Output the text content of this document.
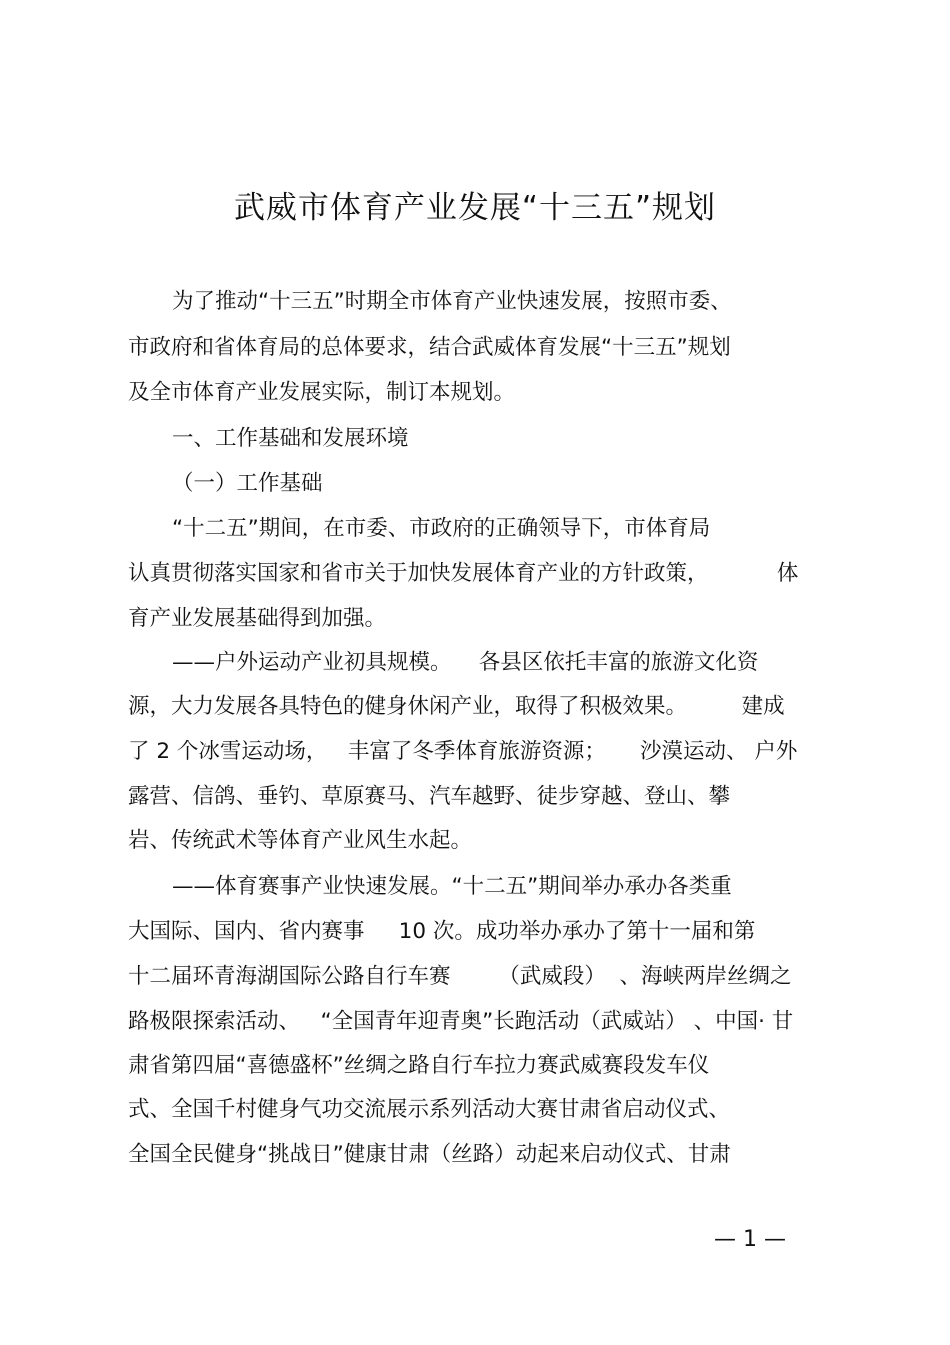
武威市体育产业发展“十三五”规划
为了推动“十三五”时期全市体育产业快速发展，按照市委、
市政府和省体育局的总体要求，结合武威体育发展“十三五”规划
及全市体育产业发展实际，制订本规划。
一、工作基础和发展环境
（一）工作基础
“十二五”期间，在市委、市政府的正确领导下，市体育局
认真贯彻落实国家和省市关于加快发展体育产业的方针政策，          体
育产业发展基础得到加强。
——户外运动产业初具规模。    各县区依托丰富的旅游文化资
源，大力发展各具特色的健身休闲产业，取得了积极效果。        建成
了 2 个冰雪运动场，   丰富了冬季体育旅游资源；     沙漠运动、 户外
露营、信鸽、垂钓、草原赛马、汽车越野、徒步穿越、登山、攀
岩、传统武术等体育产业风生水起。
——体育赛事产业快速发展。“十二五”期间举办承办各类重
大国际、国内、省内赛事     10 次。成功举办承办了第十一届和第
十二届环青海湖国际公路自行车赛       （武威段）  、海峡两岸丝绸之
路极限探索活动、   “全国青年迎青奥”长跑活动（武威站） 、中国· 甘
肃省第四届“喜德盛杯”丝绸之路自行车拉力赛武威赛段发车仪
式、全国千村健身气功交流展示系列活动大赛甘肃省启动仪式、
全国全民健身“挑战日”健康甘肃（丝路）动起来启动仪式、甘肃
— 1 —
